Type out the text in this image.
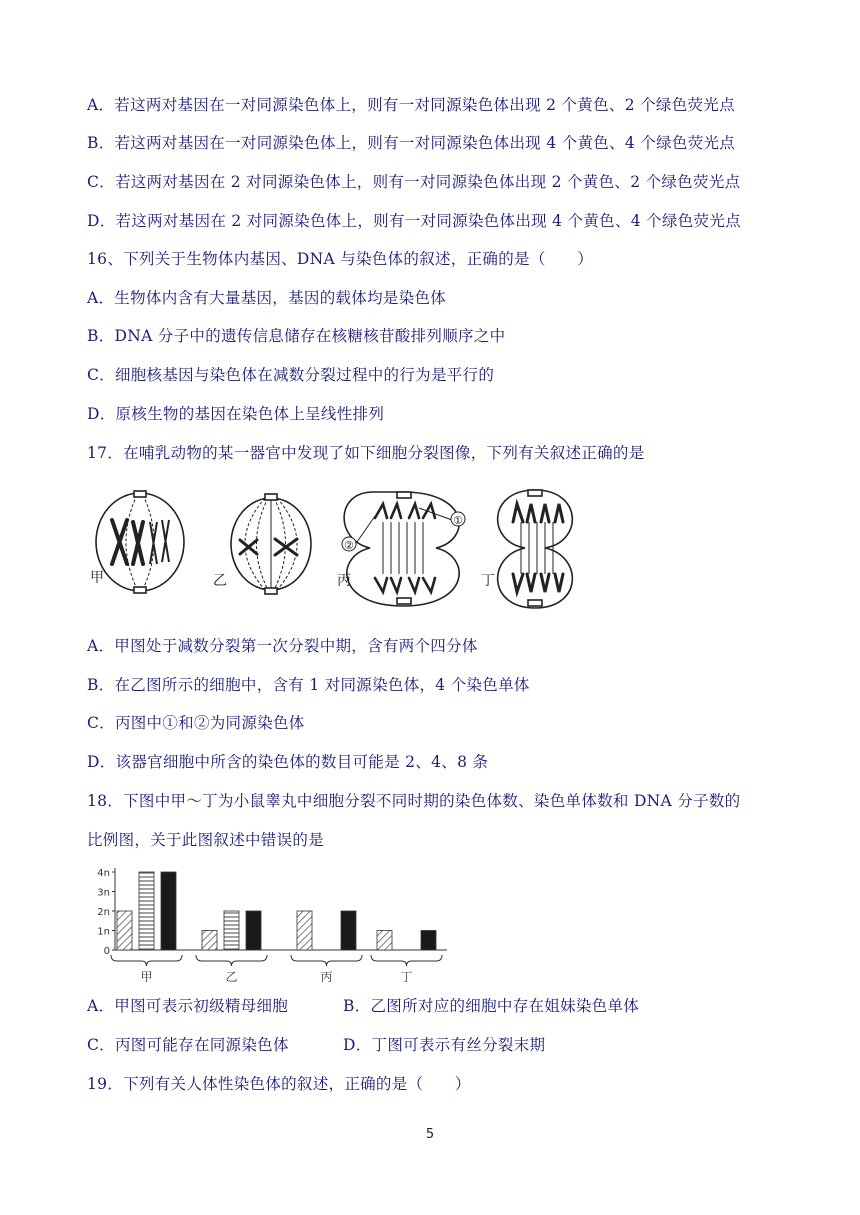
A．若这两对基因在一对同源染色体上，则有一对同源染色体出现 2 个黄色、2 个绿色荧光点
B．若这两对基因在一对同源染色体上，则有一对同源染色体出现 4 个黄色、4 个绿色荧光点
C．若这两对基因在 2 对同源染色体上，则有一对同源染色体出现 2 个黄色、2 个绿色荧光点
D．若这两对基因在 2 对同源染色体上，则有一对同源染色体出现 4 个黄色、4 个绿色荧光点
16、下列关于生物体内基因、DNA 与染色体的叙述，正确的是（　　）
A．生物体内含有大量基因，基因的载体均是染色体
B．DNA 分子中的遗传信息储存在核糖核苷酸排列顺序之中
C．细胞核基因与染色体在减数分裂过程中的行为是平行的
D．原核生物的基因在染色体上呈线性排列
17．在哺乳动物的某一器官中发现了如下细胞分裂图像，下列有关叙述正确的是
甲	乙
②
①
丙	丁
A．甲图处于减数分裂第一次分裂中期，含有两个四分体
B．在乙图所示的细胞中，含有 1 对同源染色体，4 个染色单体
C．丙图中①和②为同源染色体
D．该器官细胞中所含的染色体的数目可能是 2、4、8 条
18．下图中甲～丁为小鼠睾丸中细胞分裂不同时期的染色体数、染色单体数和 DNA 分子数的
比例图，关于此图叙述中错误的是
0
1n
2n
3n
4n
甲	乙	丙	丁
A．甲图可表示初级精母细胞	B．乙图所对应的细胞中存在姐妹染色单体
C．丙图可能存在同源染色体	D．丁图可表示有丝分裂末期
19．下列有关人体性染色体的叙述，正确的是（　　）
5
